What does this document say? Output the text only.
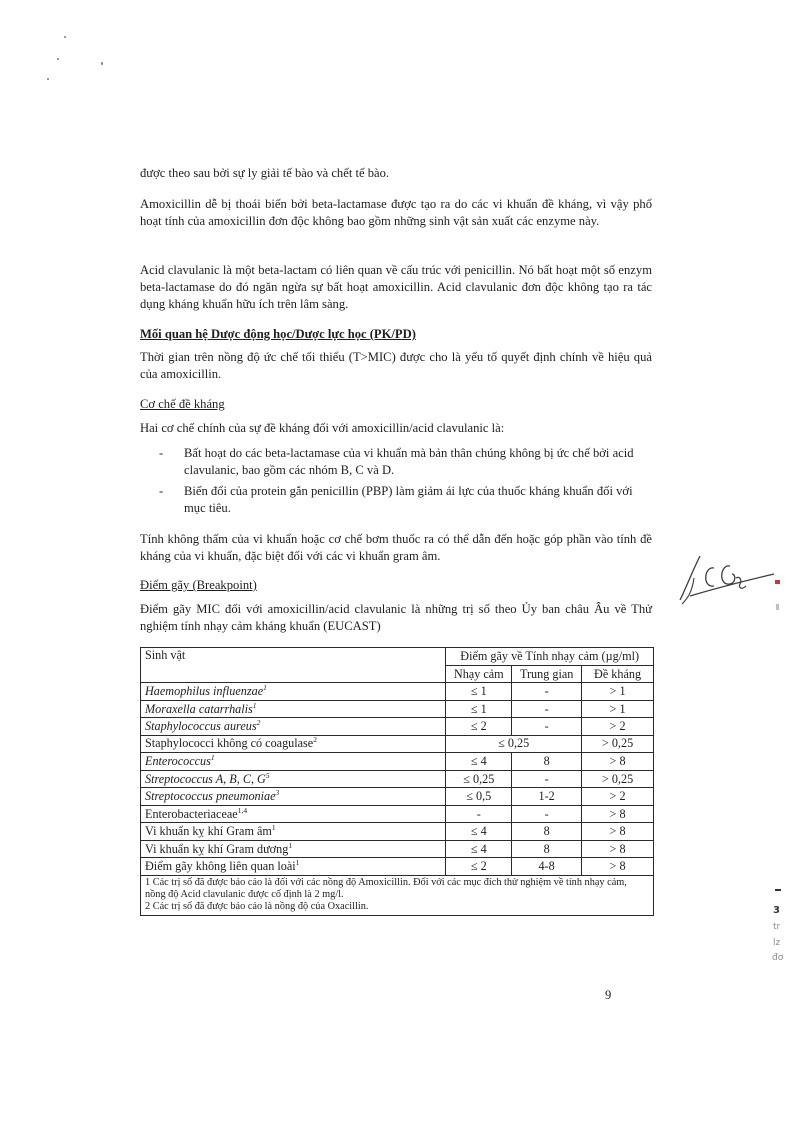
được theo sau bởi sự ly giải tế bào và chết tế bào.
Amoxicillin dễ bị thoái biến bởi beta-lactamase được tạo ra do các vi khuẩn đề kháng, vì vậy phổ hoạt tính của amoxicillin đơn độc không bao gồm những sinh vật sản xuất các enzyme này.
Acid clavulanic là một beta-lactam có liên quan về cấu trúc với penicillin. Nó bất hoạt một số enzym beta-lactamase do đó ngăn ngừa sự bất hoạt amoxicillin. Acid clavulanic đơn độc không tạo ra tác dụng kháng khuẩn hữu ích trên lâm sàng.
Mối quan hệ Dược động học/Dược lực học (PK/PD)
Thời gian trên nồng độ ức chế tối thiểu (T>MIC) được cho là yếu tố quyết định chính về hiệu quả của amoxicillin.
Cơ chế đề kháng
Hai cơ chế chính của sự đề kháng đối với amoxicillin/acid clavulanic là:
- Bất hoạt do các beta-lactamase của vi khuẩn mà bản thân chúng không bị ức chế bởi acid clavulanic, bao gồm các nhóm B, C và D.
- Biến đổi của protein gắn penicillin (PBP) làm giảm ái lực của thuốc kháng khuẩn đối với mục tiêu.
Tính không thấm của vi khuẩn hoặc cơ chế bơm thuốc ra có thể dẫn đến hoặc góp phần vào tính đề kháng của vi khuẩn, đặc biệt đối với các vi khuẩn gram âm.
Điểm gãy (Breakpoint)
Điểm gãy MIC đối với amoxicillin/acid clavulanic là những trị số theo Ủy ban châu Âu về Thử nghiệm tính nhạy cảm kháng khuẩn (EUCAST)
Sinh vật	Điểm gãy về Tính nhạy cảm (µg/ml)		
	Nhạy cảm	Trung gian	Đề kháng
Haemophilus influenzae$^1$	≤ 1	-	> 1
Moraxella catarrhalis$^1$	≤ 1	-	> 1
Staphylococcus aureus$^2$	≤ 2	-	> 2
Staphylococci không có coagulase$^2$	≤ 0,25		> 0,25
Enterococcus$^1$	≤ 4	8	> 8
Streptococcus A, B, C, $G^5$	≤ 0,25	-	> 0,25
Streptococcus pneumoniae$^3$	≤ 0,5	1-2	> 2
Enterobacteriaceae$^{1,4}$	-	-	> 8
Vi khuẩn kỵ khí Gram $âm^1$	≤ 4	8	> 8
Vi khuẩn kỵ khí Gram dương$^1$	≤ 4	8	> 8
Điểm gãy không liên quan loài$^1$	≤ 2	4-8	> 8

1 Các trị số đã được báo cáo là đối với các nồng độ Amoxicillin. Đối với các mục đích thử nghiệm về tính nhạy cảm, nồng độ Acid clavulanic được cố định là 2 mg/l.
2 Các trị số đã được báo cáo là nồng độ của Oxacillin.				3
tr
lz
đơ
9
